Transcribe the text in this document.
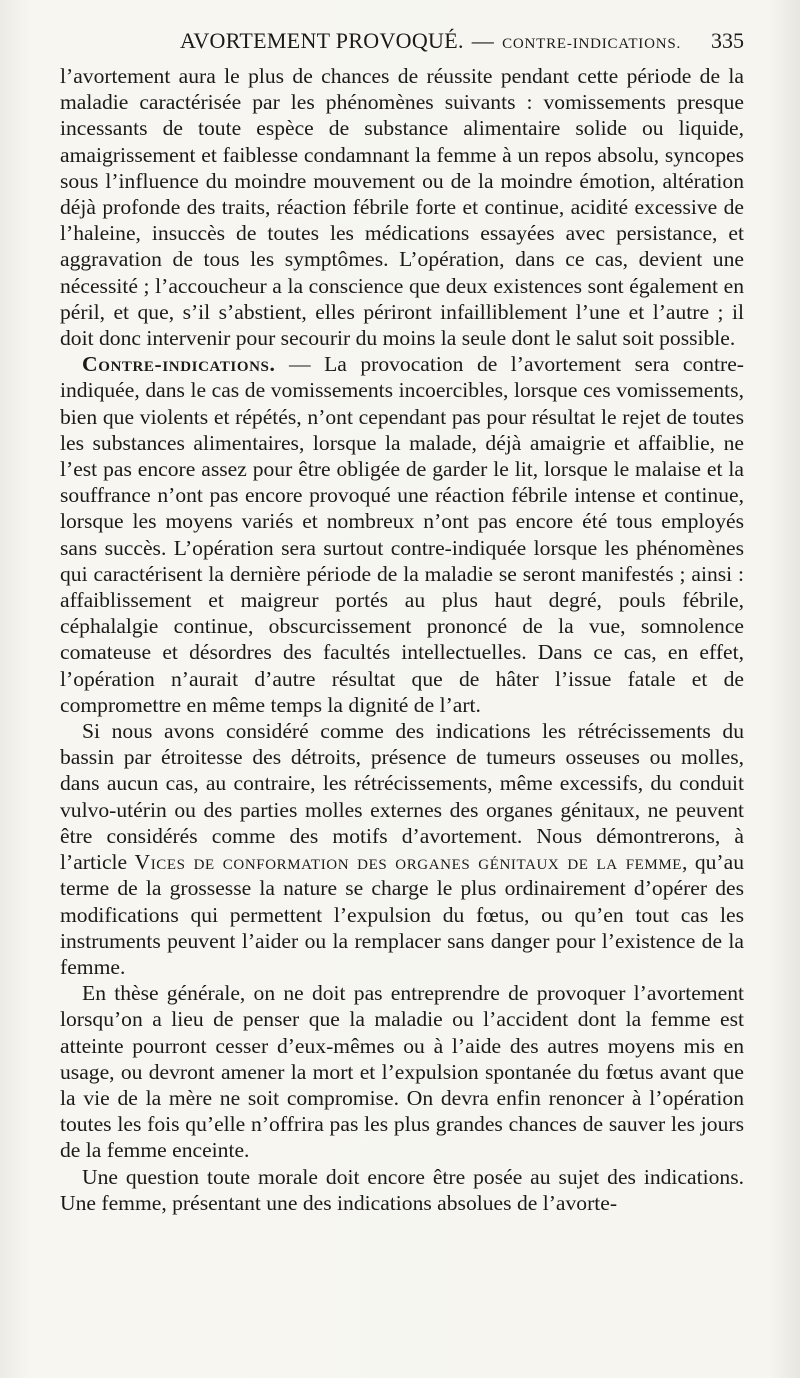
AVORTEMENT PROVOQUÉ. — CONTRE-INDICATIONS. 335

l’avortement aura le plus de chances de réussite pendant cette période de la maladie caractérisée par les phénomènes suivants : vomissements presque incessants de toute espèce de substance alimentaire solide ou liquide, amaigrissement et faiblesse condamnant la femme à un repos absolu, syncopes sous l’influence du moindre mouvement ou de la moindre émotion, altération déjà profonde des traits, réaction fébrile forte et continue, acidité excessive de l’haleine, insuccès de toutes les médications essayées avec persistance, et aggravation de tous les symptômes. L’opération, dans ce cas, devient une nécessité ; l’accoucheur a la conscience que deux existences sont également en péril, et que, s’il s’abstient, elles périront infailliblement l’une et l’autre ; il doit donc intervenir pour secourir du moins la seule dont le salut soit possible.

Contre-indications. — La provocation de l’avortement sera contre-indiquée, dans le cas de vomissements incoercibles, lorsque ces vomissements, bien que violents et répétés, n’ont cependant pas pour résultat le rejet de toutes les substances alimentaires, lorsque la malade, déjà amaigrie et affaiblie, ne l’est pas encore assez pour être obligée de garder le lit, lorsque le malaise et la souffrance n’ont pas encore provoqué une réaction fébrile intense et continue, lorsque les moyens variés et nombreux n’ont pas encore été tous employés sans succès. L’opération sera surtout contre-indiquée lorsque les phénomènes qui caractérisent la dernière période de la maladie se seront manifestés ; ainsi : affaiblissement et maigreur portés au plus haut degré, pouls fébrile, céphalalgie continue, obscurcissement prononcé de la vue, somnolence comateuse et désordres des facultés intellectuelles. Dans ce cas, en effet, l’opération n’aurait d’autre résultat que de hâter l’issue fatale et de compromettre en même temps la dignité de l’art.

Si nous avons considéré comme des indications les rétrécissements du bassin par étroitesse des détroits, présence de tumeurs osseuses ou molles, dans aucun cas, au contraire, les rétrécissements, même excessifs, du conduit vulvo-utérin ou des parties molles externes des organes génitaux, ne peuvent être considérés comme des motifs d’avortement. Nous démontrerons, à l’article Vices de conformation des organes génitaux de la femme, qu’au terme de la grossesse la nature se charge le plus ordinairement d’opérer des modifications qui permettent l’expulsion du fœtus, ou qu’en tout cas les instruments peuvent l’aider ou la remplacer sans danger pour l’existence de la femme.

En thèse générale, on ne doit pas entreprendre de provoquer l’avortement lorsqu’on a lieu de penser que la maladie ou l’accident dont la femme est atteinte pourront cesser d’eux-mêmes ou à l’aide des autres moyens mis en usage, ou devront amener la mort et l’expulsion spontanée du fœtus avant que la vie de la mère ne soit compromise. On devra enfin renoncer à l’opération toutes les fois qu’elle n’offrira pas les plus grandes chances de sauver les jours de la femme enceinte.

Une question toute morale doit encore être posée au sujet des indications. Une femme, présentant une des indications absolues de l’avorte-
